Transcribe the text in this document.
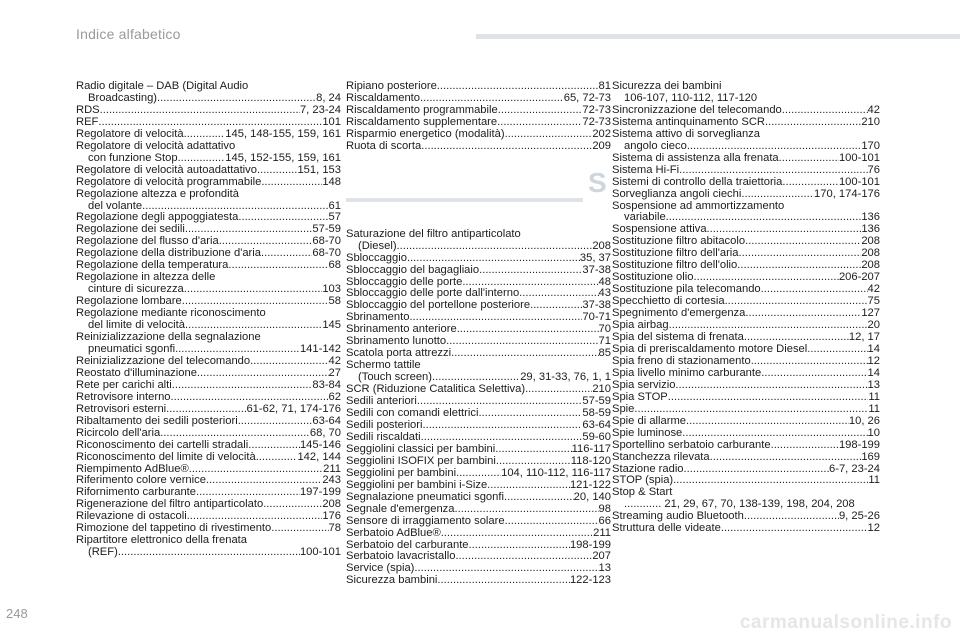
Indice alfabetico
Radio digitale – DAB (Digital Audio
Broadcasting) .....	8, 24
RDS .....	7, 23-24
REF .....	101
Regolatore di velocità .....	145, 148-155, 159, 161
Regolatore di velocità adattativo
con funzione Stop .....	145, 152-155, 159, 161
Regolatore di velocità autoadattativo .....	151, 153
Regolatore di velocità programmabile .....	148
Regolazione altezza e profondità
del volante .....	61
Regolazione degli appoggiatesta .....	57
Regolazione dei sedili .....	57-59
Regolazione del flusso d'aria .....	68-70
Regolazione della distribuzione d'aria .....	68-70
Regolazione della temperatura .....	68
Regolazione in altezza delle
cinture di sicurezza .....	103
Regolazione lombare .....	58
Regolazione mediante riconoscimento
del limite di velocità .....	145
Reinizializzazione della segnalazione
pneumatici sgonfi .....	141-142
Reinizializzazione del telecomando .....	42
Reostato d'illuminazione .....	27
Rete per carichi alti .....	83-84
Retrovisore interno .....	62
Retrovisori esterni .....	61-62, 71, 174-176
Ribaltamento dei sedili posteriori .....	63-64
Ricircolo dell'aria .....	68, 70
Riconoscimento dei cartelli stradali .....	145-146
Riconoscimento del limite di velocità .....	142, 144
Riempimento AdBlue® .....	211
Riferimento colore vernice .....	243
Rifornimento carburante .....	197-199
Rigenerazione del filtro antiparticolato .....	208
Rilevazione di ostacoli .....	176
Rimozione del tappetino di rivestimento .....	78
Ripartitore elettronico della frenata
(REF) .....	100-101
Ripiano posteriore .....	81
Riscaldamento .....	65, 72-73
Riscaldamento programmabile .....	72-73
Riscaldamento supplementare .....	72-73
Risparmio energetico (modalità) .....	202
Ruota di scorta .....	209
S
Saturazione del filtro antiparticolato
(Diesel) .....	208
Sbloccaggio .....	35, 37
Sbloccaggio del bagagliaio .....	37-38
Sbloccaggio delle porte .....	48
Sbloccaggio delle porte dall'interno .....	43
Sbloccaggio del portellone posteriore .....	37-38
Sbrinamento .....	70-71
Sbrinamento anteriore .....	70
Sbrinamento lunotto .....	71
Scatola porta attrezzi .....	85
Schermo tattile
(Touch screen) .....	29, 31-33, 76, 1, 1
SCR (Riduzione Catalitica Selettiva) .....	210
Sedili anteriori .....	57-59
Sedili con comandi elettrici .....	58-59
Sedili posteriori .....	63-64
Sedili riscaldati .....	59-60
Seggiolini classici per bambini .....	116-117
Seggiolini ISOFIX per bambini .....	118-120
Seggiolini per bambini .....	104, 110-112, 116-117
Seggiolini per bambini i-Size .....	121-122
Segnalazione pneumatici sgonfi .....	20, 140
Segnale d'emergenza .....	98
Sensore di irraggiamento solare .....	66
Serbatoio AdBlue® .....	211
Serbatoio del carburante .....	198-199
Serbatoio lavacristallo .....	207
Service (spia) .....	13
Sicurezza bambini .....	122-123
Sicurezza dei bambini
106-107, 110-112, 117-120
Sincronizzazione del telecomando .....	42
Sistema antinquinamento SCR .....	210
Sistema attivo di sorveglianza
angolo cieco .....	170
Sistema di assistenza alla frenata .....	100-101
Sistema Hi-Fi .....	76
Sistemi di controllo della traiettoria .....	100-101
Sorveglianza angoli ciechi .....	170, 174-176
Sospensione ad ammortizzamento
variabile .....	136
Sospensione attiva .....	136
Sostituzione filtro abitacolo .....	208
Sostituzione filtro dell'aria .....	208
Sostituzione filtro dell'olio .....	208
Sostituzione olio .....	206-207
Sostituzione pila telecomando .....	42
Specchietto di cortesia .....	75
Spegnimento d'emergenza .....	127
Spia airbag .....	20
Spia del sistema di frenata .....	12, 17
Spia di preriscaldamento motore Diesel .....	14
Spia freno di stazionamento .....	12
Spia livello minimo carburante .....	14
Spia servizio .....	13
Spia STOP .....	11
Spie .....	11
Spie di allarme .....	10, 26
Spie luminose .....	10
Sportellino serbatoio carburante .....	198-199
Stanchezza rilevata .....	169
Stazione radio .....	6-7, 23-24
STOP (spia) .....	11
Stop & Start
............ 21, 29, 67, 70, 138-139, 198, 204, 208
Streaming audio Bluetooth .....	9, 25-26
Struttura delle videate .....	12
248	carmanualsonline.info
